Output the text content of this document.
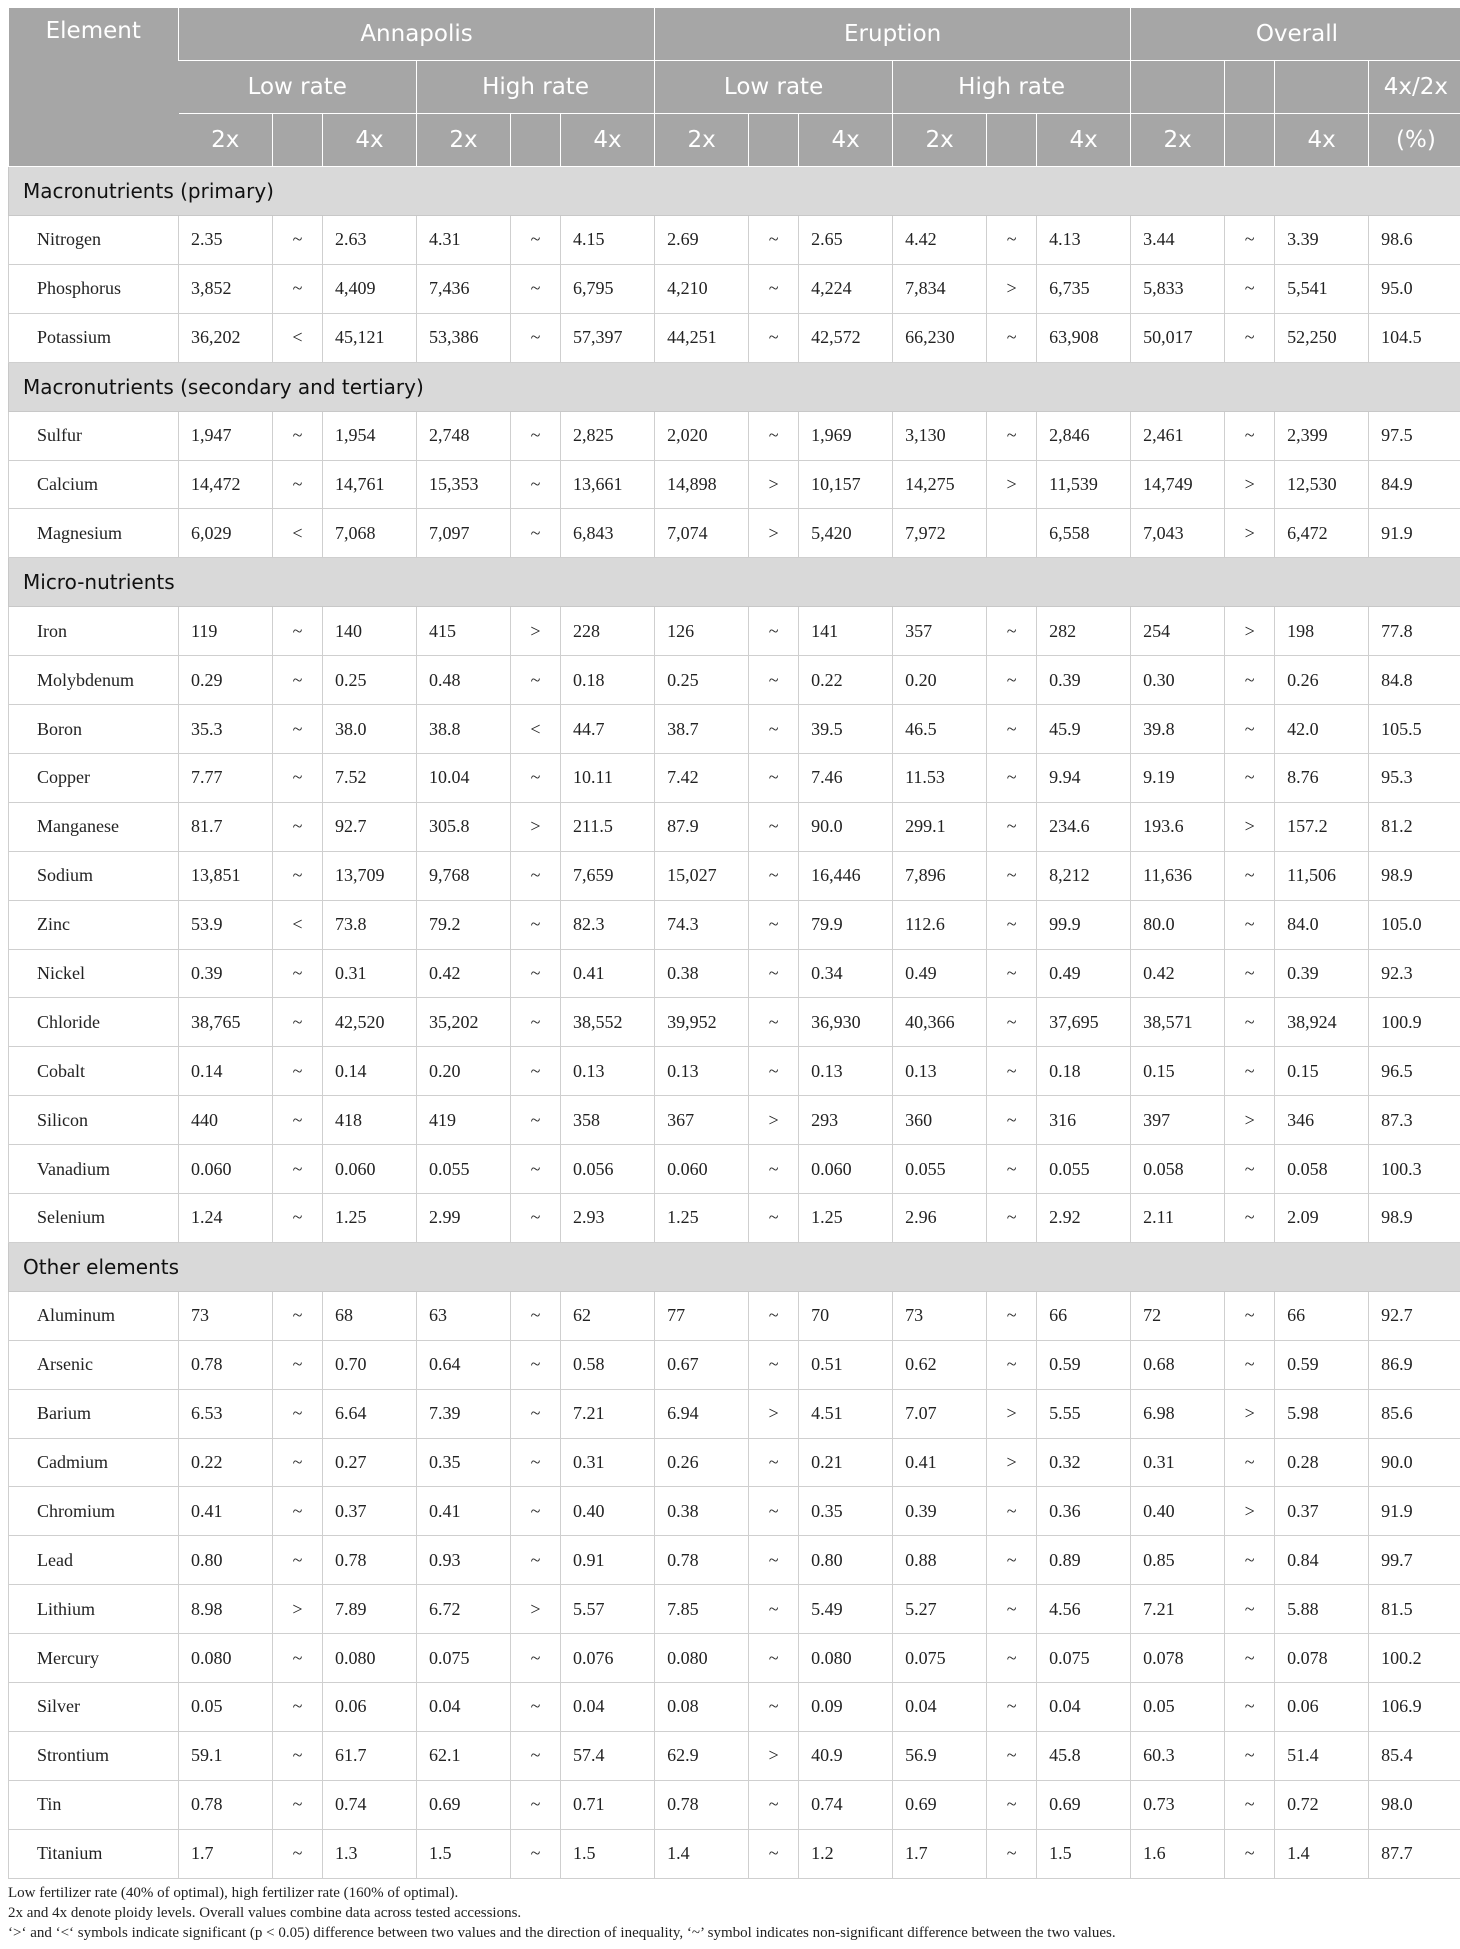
Element	Annapolis						Eruption						Overall			
	Low rate			High rate			Low rate			High rate						4x/2x
	2x		4x	2x		4x	2x		4x	2x		4x	2x		4x	(%)
Macronutrients (primary)																
Nitrogen	2.35	~	2.63	4.31	~	4.15	2.69	~	2.65	4.42	~	4.13	3.44	~	3.39	98.6
Phosphorus	3,852	~	4,409	7,436	~	6,795	4,210	~	4,224	7,834	>	6,735	5,833	~	5,541	95.0
Potassium	36,202	<	45,121	53,386	~	57,397	44,251	~	42,572	66,230	~	63,908	50,017	~	52,250	104.5
Macronutrients (secondary and tertiary)																
Sulfur	1,947	~	1,954	2,748	~	2,825	2,020	~	1,969	3,130	~	2,846	2,461	~	2,399	97.5
Calcium	14,472	~	14,761	15,353	~	13,661	14,898	>	10,157	14,275	>	11,539	14,749	>	12,530	84.9
Magnesium	6,029	<	7,068	7,097	~	6,843	7,074	>	5,420	7,972		6,558	7,043	>	6,472	91.9
Micro-nutrients																
Iron	119	~	140	415	>	228	126	~	141	357	~	282	254	>	198	77.8
Molybdenum	0.29	~	0.25	0.48	~	0.18	0.25	~	0.22	0.20	~	0.39	0.30	~	0.26	84.8
Boron	35.3	~	38.0	38.8	<	44.7	38.7	~	39.5	46.5	~	45.9	39.8	~	42.0	105.5
Copper	7.77	~	7.52	10.04	~	10.11	7.42	~	7.46	11.53	~	9.94	9.19	~	8.76	95.3
Manganese	81.7	~	92.7	305.8	>	211.5	87.9	~	90.0	299.1	~	234.6	193.6	>	157.2	81.2
Sodium	13,851	~	13,709	9,768	~	7,659	15,027	~	16,446	7,896	~	8,212	11,636	~	11,506	98.9
Zinc	53.9	<	73.8	79.2	~	82.3	74.3	~	79.9	112.6	~	99.9	80.0	~	84.0	105.0
Nickel	0.39	~	0.31	0.42	~	0.41	0.38	~	0.34	0.49	~	0.49	0.42	~	0.39	92.3
Chloride	38,765	~	42,520	35,202	~	38,552	39,952	~	36,930	40,366	~	37,695	38,571	~	38,924	100.9
Cobalt	0.14	~	0.14	0.20	~	0.13	0.13	~	0.13	0.13	~	0.18	0.15	~	0.15	96.5
Silicon	440	~	418	419	~	358	367	>	293	360	~	316	397	>	346	87.3
Vanadium	0.060	~	0.060	0.055	~	0.056	0.060	~	0.060	0.055	~	0.055	0.058	~	0.058	100.3
Selenium	1.24	~	1.25	2.99	~	2.93	1.25	~	1.25	2.96	~	2.92	2.11	~	2.09	98.9
Other elements																
Aluminum	73	~	68	63	~	62	77	~	70	73	~	66	72	~	66	92.7
Arsenic	0.78	~	0.70	0.64	~	0.58	0.67	~	0.51	0.62	~	0.59	0.68	~	0.59	86.9
Barium	6.53	~	6.64	7.39	~	7.21	6.94	>	4.51	7.07	>	5.55	6.98	>	5.98	85.6
Cadmium	0.22	~	0.27	0.35	~	0.31	0.26	~	0.21	0.41	>	0.32	0.31	~	0.28	90.0
Chromium	0.41	~	0.37	0.41	~	0.40	0.38	~	0.35	0.39	~	0.36	0.40	>	0.37	91.9
Lead	0.80	~	0.78	0.93	~	0.91	0.78	~	0.80	0.88	~	0.89	0.85	~	0.84	99.7
Lithium	8.98	>	7.89	6.72	>	5.57	7.85	~	5.49	5.27	~	4.56	7.21	~	5.88	81.5
Mercury	0.080	~	0.080	0.075	~	0.076	0.080	~	0.080	0.075	~	0.075	0.078	~	0.078	100.2
Silver	0.05	~	0.06	0.04	~	0.04	0.08	~	0.09	0.04	~	0.04	0.05	~	0.06	106.9
Strontium	59.1	~	61.7	62.1	~	57.4	62.9	>	40.9	56.9	~	45.8	60.3	~	51.4	85.4
Tin	0.78	~	0.74	0.69	~	0.71	0.78	~	0.74	0.69	~	0.69	0.73	~	0.72	98.0
Titanium	1.7	~	1.3	1.5	~	1.5	1.4	~	1.2	1.7	~	1.5	1.6	~	1.4	87.7
Low fertilizer rate (40% of optimal), high fertilizer rate (160% of optimal).
2x and 4x denote ploidy levels. Overall values combine data across tested accessions.
‘>‘ and ‘<‘ symbols indicate significant (p < 0.05) difference between two values and the direction of inequality, ‘~’ symbol indicates non-significant difference between the two values.
